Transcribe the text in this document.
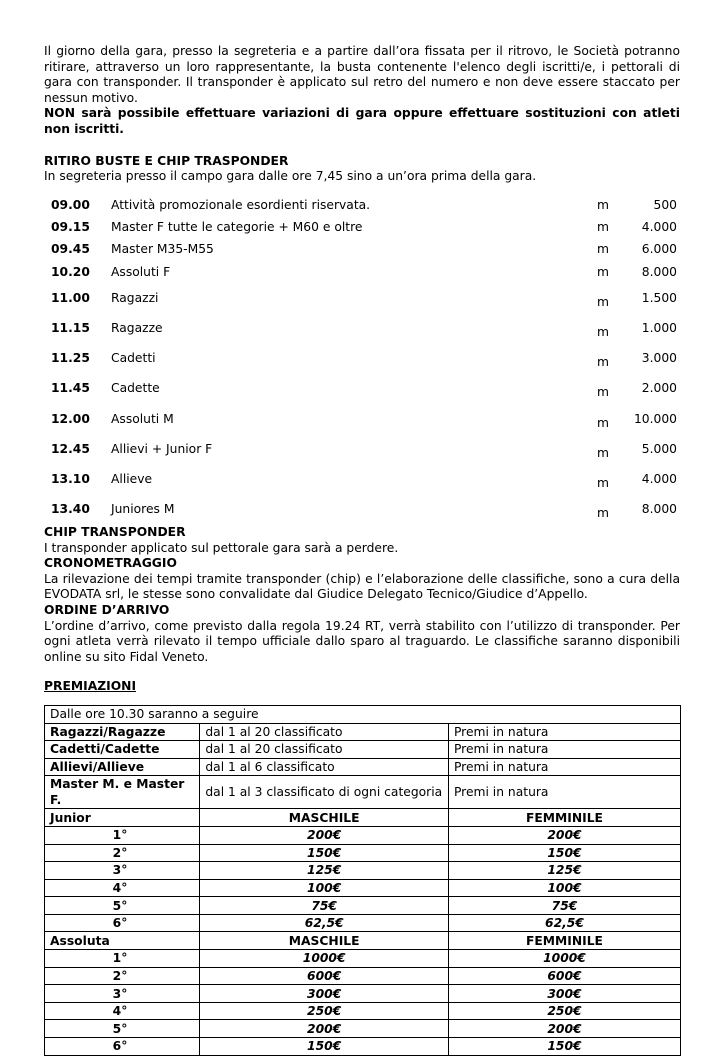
Il giorno della gara, presso la segreteria e a partire dall’ora fissata per il ritrovo, le Società potranno ritirare, attraverso un loro rappresentante, la busta contenente l'elenco degli iscritti/e, i pettorali di gara con transponder. Il transponder è applicato sul retro del numero e non deve essere staccato per nessun motivo.

NON sarà possibile effettuare variazioni di gara oppure effettuare sostituzioni con atleti non iscritti.

RITIRO BUSTE E CHIP TRASPONDER

In segreteria presso il campo gara dalle ore 7,45 sino a un’ora prima della gara.

09.00	Attività promozionale esordienti riservata.	m	500
09.15	Master F tutte le categorie + M60 e oltre	m	4.000
09.45	Master M35-M55	m	6.000
10.20	Assoluti F	m	8.000
11.00	Ragazzi	m	1.500
11.15	Ragazze	m	1.000
11.25	Cadetti	m	3.000
11.45	Cadette	m	2.000
12.00	Assoluti M	m	10.000
12.45	Allievi + Junior F	m	5.000
13.10	Allieve	m	4.000
13.40	Juniores M	m	8.000

CHIP TRANSPONDER

I transponder applicato sul pettorale gara sarà a perdere.

CRONOMETRAGGIO

La rilevazione dei tempi tramite transponder (chip) e l’elaborazione delle classifiche, sono a cura della EVODATA srl, le stesse sono convalidate dal Giudice Delegato Tecnico/Giudice d’Appello.

ORDINE D’ARRIVO

L’ordine d’arrivo, come previsto dalla regola 19.24 RT, verrà stabilito con l’utilizzo di transponder. Per ogni atleta verrà rilevato il tempo ufficiale dallo sparo al traguardo. Le classifiche saranno disponibili online su sito Fidal Veneto.

PREMIAZIONI

Dalle ore 10.30 saranno a seguire		
Ragazzi/Ragazze	dal 1 al 20 classificato	Premi in natura
Cadetti/Cadette	dal 1 al 20 classificato	Premi in natura
Allievi/Allieve	dal 1 al 6 classificato	Premi in natura
Master M. e Master F.	dal 1 al 3 classificato di ogni categoria	Premi in natura
Junior	MASCHILE	FEMMINILE
1°	200€	200€
2°	150€	150€
3°	125€	125€
4°	100€	100€
5°	75€	75€
6°	62,5€	62,5€
Assoluta	MASCHILE	FEMMINILE
1°	1000€	1000€
2°	600€	600€
3°	300€	300€
4°	250€	250€
5°	200€	200€
6°	150€	150€
